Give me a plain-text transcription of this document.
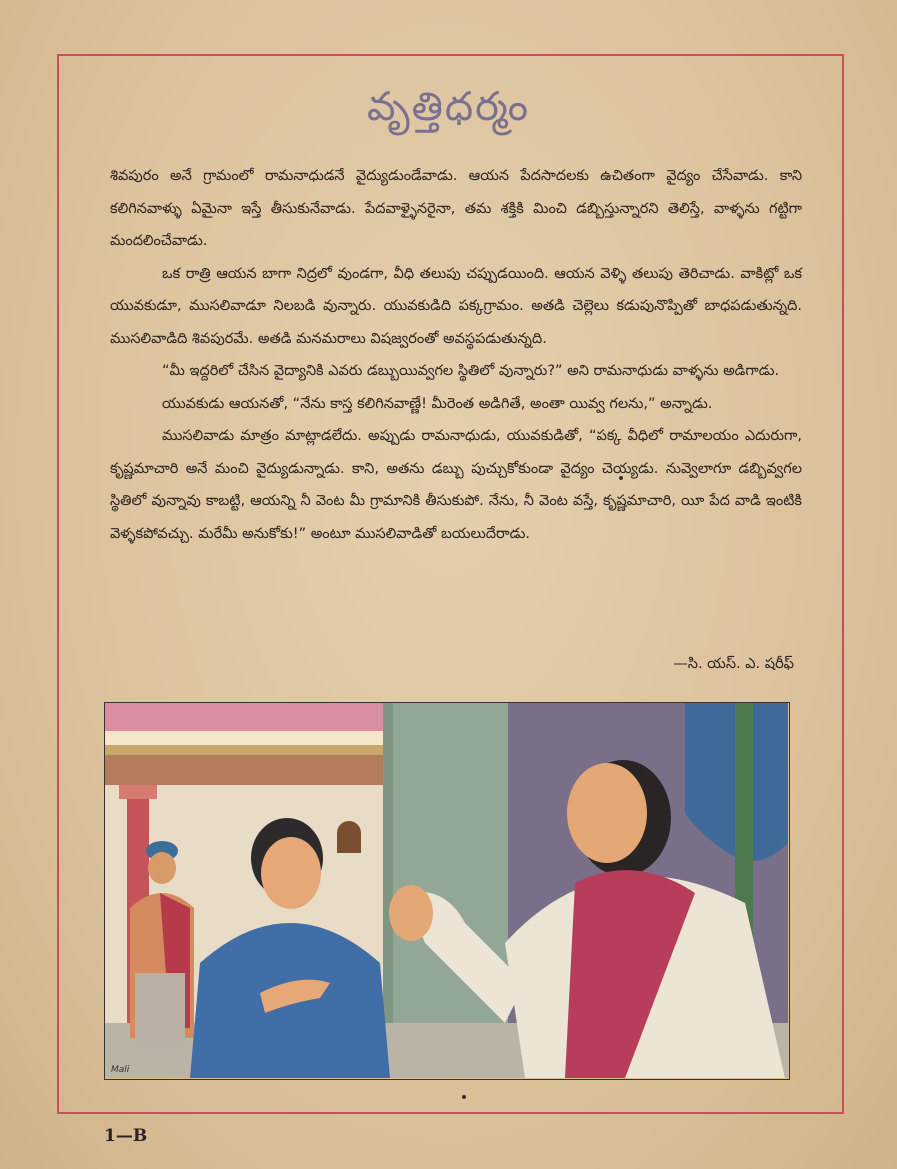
వృత్తిధర్మం

శివపురం అనే గ్రామంలో రామనాధుడనే వైద్యుడుండేవాడు. ఆయన పేదసాదలకు ఉచితంగా వైద్యం చేసేవాడు. కాని కలిగినవాళ్ళు ఏమైనా ఇస్తే తీసుకునేవాడు. పేదవాళ్ళైనరైనా, తమ శక్తికి మించి డబ్బిస్తున్నారని తెలిస్తే, వాళ్ళను గట్టిగా మందలించేవాడు.

ఒక రాత్రి ఆయన బాగా నిద్రలో వుండగా, వీధి తలుపు చప్పుడయింది. ఆయన వెళ్ళి తలుపు తెరిచాడు. వాకిట్లో ఒక యువకుడూ, ముసలివాడూ నిలబడి వున్నారు. యువకుడిది పక్కగ్రామం. అతడి చెల్లెలు కడుపునొప్పితో బాధపడుతున్నది. ముసలివాడిది శివపురమే. అతడి మనమరాలు విషజ్వరంతో అవస్థపడుతున్నది.

“మీ ఇద్దరిలో చేసిన వైద్యానికి ఎవరు డబ్బుయివ్వగల స్థితిలో వున్నారు?” అని రామనాధుడు వాళ్ళను అడిగాడు.

యువకుడు ఆయనతో, “నేను కాస్త కలిగినవాణ్ణే! మీరెంత అడిగితే, అంతా యివ్వ గలను,” అన్నాడు.

ముసలివాడు మాత్రం మాట్లాడలేదు. అప్పుడు రామనాధుడు, యువకుడితో, “పక్క వీధిలో రామాలయం ఎదురుగా, కృష్ణమాచారి అనే మంచి వైద్యుడున్నాడు. కాని, అతను డబ్బు పుచ్చుకోకుండా వైద్యం చెయ్యడు. నువ్వెలాగూ డబ్బివ్వగల స్థితిలో వున్నావు కాబట్టి, ఆయన్ని నీ వెంట మీ గ్రామానికి తీసుకుపో. నేను, నీ వెంట వస్తే, కృష్ణమాచారి, యీ పేద వాడి ఇంటికి వెళ్ళకపోవచ్చు. మరేమీ అనుకోకు!” అంటూ ముసలివాడితో బయలుదేరాడు.

—సి. యస్. ఎ. షరీఫ్
Mali
1—B
